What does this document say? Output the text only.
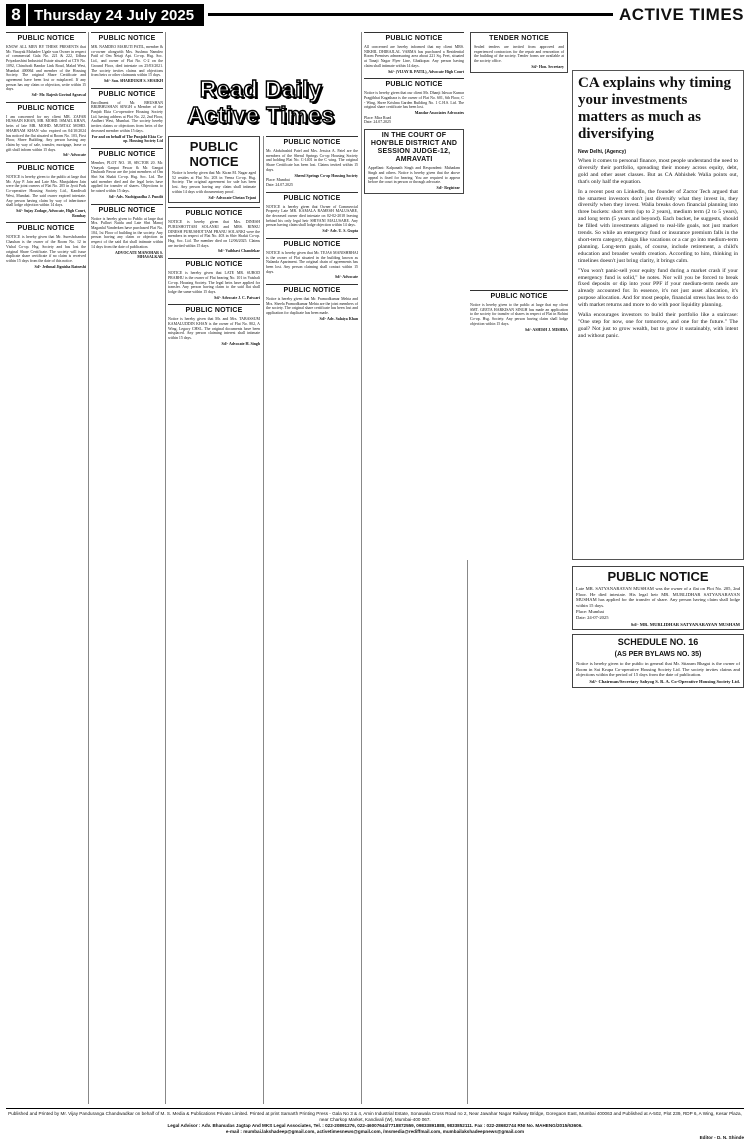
8 Thursday 24 July 2025	ACTIVE TIMES
PUBLIC NOTICE

KNOW ALL MEN BY THESE PRESENTS that Mr. Vinayak Mahadev Ugale was Owner in respect of commercial Gala No. 221 & 222, Udhna Priyadarshini Industrial Estate situated at CTS No. 1092, Chinchodi Bandar Link Road, Malad West, Mumbai 400064 and member of the Housing Society. The original Share Certificate and agreement have been lost or misplaced. If any person has any claim or objection, write within 15 days.

Sd/- Mr. Rajesh Govind Agrawal
PUBLIC NOTICE

I am concerned for my client MR. ZAFAR HUSSAIN KHAN, MR. MOHD. ISMAIL KHAN, heirs of late MR. MOHD. MUMTAZ MOHD. SHABNAM KHAN who expired on 04/10/2024 has noticed the flat situated at Room No. 103, First Floor, Shree Building. Any person having any claim by way of sale, transfer, mortgage, lease or gift shall inform within 15 days.

Sd/- Advocate
PUBLIC NOTICE

NOTICE is hereby given to the public at large that Mr. Ajay P. Jain and Late Mrs. Manjulaben Jain were the joint owners of Flat No. 205 in Jyoti Park Co-operative Housing Society Ltd., Kandivali West, Mumbai. The said owner expired intestate. Any person having claim by way of inheritance shall lodge objection within 14 days.

Sd/- Sujay Zodage, Advocate, High Court, Bombay
PUBLIC NOTICE

NOTICE is hereby given that Mr. Sureshchandra Chauhan is the owner of the Room No. 12 in Vishal Co-op. Hsg. Society and has lost the original Share Certificate. The society will issue duplicate share certificate if no claim is received within 15 days from the date of this notice.

Sd/- Jethmal Jignisha Ratneshi
PUBLIC NOTICE

MR. NAMDEO MARUTI PATIL, member & co-owner alongwith Mrs. Sushma Namdeo Patil of Om Netaji Apt. Co-op. Hsg. Soc. Ltd., and owner of Flat No. C-2 on the Ground Floor, died intestate on 25/03/2021. The society invites claims and objections from heirs or other claimants within 15 days.

Sd/- Sau. SHARDUKH S. SHAIKH
PUBLIC NOTICE

Enrollment of Mr. BHUSHAN BRIJBHUSHAN SINGH a Member of the Panjab Ekta Co-operative Housing Society Ltd. having address at Plot No. 22, 2nd Floor, Andheri West, Mumbai. The society hereby invites claims or objections from heirs of the deceased member within 15 days.

For and on behalf of The Punjabi Ekta Co-op. Housing Society Ltd
PUBLIC NOTICE

Member, PLOT NO. 18, SECTOR 20. Mr. Vinayak Ganpat Pawar & Mr. Gangat Dashrath Pawar are the joint members of Om Shri Sai Shakti Co-op. Hsg. Soc. Ltd. The said member died and the legal heirs have applied for transfer of shares. Objections to be raised within 15 days.

Sd/- Adv. Nachiguadha J. Pundit
PUBLIC NOTICE

Notice is hereby given to Public at large that Mrs. Pallavi Naidu and Late Shri Manoj Maganlal Vanderken have purchased Flat No. 104, 1st Floor of building in the society. Any person having any claim or objection in respect of the said flat shall intimate within 14 days from the date of publication.

ADVOCATE MANOHAR S. MHASALKAR
Read Daily
Active Times
PUBLIC NOTICE

Notice is hereby given that Mr. Kiran M. Nagar aged 52 resides at Flat No. 203 in Veena Co-op. Hsg. Society. The original agreement for sale has been lost. Any person having any claim shall intimate within 14 days with documentary proof.

Sd/- Advocate Chetan Tejani
PUBLIC NOTICE

NOTICE is hereby given that Mrs. DINESH PURUSHOTTAM SOLANKI and MRS. RINKU DINESH PURUSHOTTAM PRANU SOLANKI were the members in respect of Flat No. 403 in Shiv Shakti Co-op. Hsg. Soc. Ltd. The member died on 12/06/2025. Claims are invited within 15 days.

Sd/- Vaibhavi Chandekar
PUBLIC NOTICE

NOTICE is hereby given that LATE MR. SUBOD PRABHU is the owner of Flat bearing No. 101 in Vaishali Co-op. Housing Society. The legal heirs have applied for transfer. Any person having claim to the said flat shall lodge the same within 15 days.

Sd/- Advocate J. C. Patwari
PUBLIC NOTICE

Notice is hereby given that Mr. and Mrs. TABASSUM KAMALUDDIN KHAN is the owner of Flat No. 802, A Wing, Legacy CHSL. The original documents have been misplaced. Any person claiming interest shall intimate within 15 days.

Sd/- Advocate H. Singh
PUBLIC NOTICE

Mr. Abdulrashid Patel and Mrs. Jessica A. Patel are the members of the Sherul Springs Co-op Housing Society and holding Flat No. C-1401 in the C wing. The original Share Certificate has been lost. Claims invited within 15 days.

Sherul Springs Co-op Housing Society
Place: Mumbai
Date: 24.07.2025
PUBLIC NOTICE

NOTICE is hereby given that Owner of Commercial Property Late MR. KAMALA RAMESH MALUSARE, the deceased owner died intestate on 02-02-2018 leaving behind his only legal heir SHIVANI MALUSARE. Any person having claim shall lodge objection within 14 days.

Sd/- Adv. U. S. Gupta
PUBLIC NOTICE

NOTICE is hereby given that Mr. TEJAS MANISHBHAI is the owner of Flat situated in the building known as Nalanda Apartment. The original chain of agreements has been lost. Any person claiming shall contact within 15 days.

Sd/- Advocate
PUBLIC NOTICE

Notice is hereby given that Mr. Pramodkumar Mehta and Mrs. Sheela Pramodkumar Mehta are the joint members of the society. The original share certificate has been lost and application for duplicate has been made.

Sd/- Adv. Salaiya Khan
PUBLIC NOTICE

All concerned are hereby informed that my client MRS. NIKHIL DHIRAJLAL VARMA has purchased a Residential Room Premises admeasuring area about 221 Sq. Feet, situated at Tanaji Nagar Flyer Line, Ghatkopar. Any person having claim shall intimate within 14 days.

Sd/- (VIJAY B. PATIL), Advocate High Court
PUBLIC NOTICE

Notice is hereby given that our client Mr. Dhanji Ishwar Kumar Pragjibhai Kagathara is the owner of Flat No. 601, 6th Floor, C - Wing, Shree Krishna Garden Building No. 1 C.H.S. Ltd. The original share certificate has been lost.

Mandar Associates Advocates
Place: Mira Road
Date: 24.07.2025
IN THE COURT OF HON'BLE DISTRICT AND SESSION JUDGE-12, AMRAVATI

Appellant: Kalpanath Singh and Respondent: Mahadam Singh and others. Notice is hereby given that the above appeal is fixed for hearing. You are required to appear before the court in person or through advocate.

Sd/- Registrar
TENDER NOTICE

Sealed tenders are invited from approved and experienced contractors for the repair and renovation of the building of the society. Tender forms are available at the society office.

Sd/- Hon. Secretary
CA explains why timing your investments matters as much as diversifying
New Delhi, (Agency)

When it comes to personal finance, most people understand the need to diversify their portfolio, spreading their money across equity, debt, gold and other asset classes. But as CA Abhishek Walia points out, that's only half the equation.

In a recent post on LinkedIn, the founder of Zactor Tech argued that the smartest investors don't just diversify what they invest in, they diversify when they invest. Walia breaks down financial planning into three buckets: short term (up to 2 years), medium term (2 to 5 years), and long term (5 years and beyond). Each bucket, he suggests, should be filled with investments aligned to real-life goals, not just market trends. So while an emergency fund or insurance premium falls in the short-term category, things like vacations or a car go into medium-term planning. Long-term goals, of course, include retirement, a child's education and broader wealth creation. According to him, thinking in timelines doesn't just bring clarity, it brings calm.

"You won't panic-sell your equity fund during a market crash if your emergency fund is solid," he notes. Nor will you be forced to break fixed deposits or dip into your PPF if your medium-term needs are already accounted for. In essence, it's not just asset allocation, it's purpose allocation. And for most people, financial stress has less to do with market returns and more to do with poor liquidity planning.

Walia encourages investors to build their portfolio like a staircase: "One step for now, one for tomorrow, and one for the future." The goal? Not just to grow wealth, but to grow it sustainably, with intent and without panic.

PUBLIC NOTICE

Notice is hereby given to the public at large that my client SMT. GEETA HARKISAN SINGH has made an application to the society for transfer of shares in respect of Flat in Rohini Co-op. Hsg. Society. Any person having claim shall lodge objection within 15 days.

Sd/- ASHISH J. MISHRA
PUBLIC NOTICE

Late MR. SATYANARAYAN MUSHAM was the owner of a flat on Plot No. 205, 2nd Floor. He died intestate. His legal heir MR. MURLIDHAR SATYANARAYAN MUSHAM has applied for the transfer of share. Any person having claim shall lodge within 15 days.

Place: Mumbai
Date: 24-07-2025
Sd/- MR. MURLIDHAR SATYANARAYAN MUSHAM
SCHEDULE NO. 16
(AS PER BYLAWS NO. 35)

Notice is hereby given to the public in general that Mr. Sitaram Bhagat is the owner of Room in Sai Krupa Co-operative Housing Society Ltd. The society invites claims and objections within the period of 15 days from the date of publication.

Sd/- Chairman/Secretary Sahyog S. R. A. Co-Operative Housing Society Ltd.
Published and Printed by Mr. Vijay Panduranga Chandwadkar on behalf of M. S. Media & Publications Private Limited. Printed at print Samarth Printing Press - Gala No 3 & 4, Amin Industrial Estate, Sonawala Cross Road no 2, Near Jawahar Nagar Railway Bridge, Goregaon East, Mumbai 400063 and Published at A-502, Plot 239, RDP 6, A Wing, Kesar Plaza, near Charkop Market, Kandivali (W), Mumbai-400 067.
Legal Advisor : Adv. Bhanudas Jagtap And MKS Legal Associates, Tel. : 022-20891276, 022-46007644/7718872559, 09833891888, 9833852111. Fax : 022-28682744 RNI No. MAHENG/2015/63606.
e-mail : mumbai.lakshadeep@gmail.com, activetimesnews@gmail.com, /msmedia@rediffmail.com, mumbailakshadeepnews@gmail.com
Editor - D. N. Shinde
